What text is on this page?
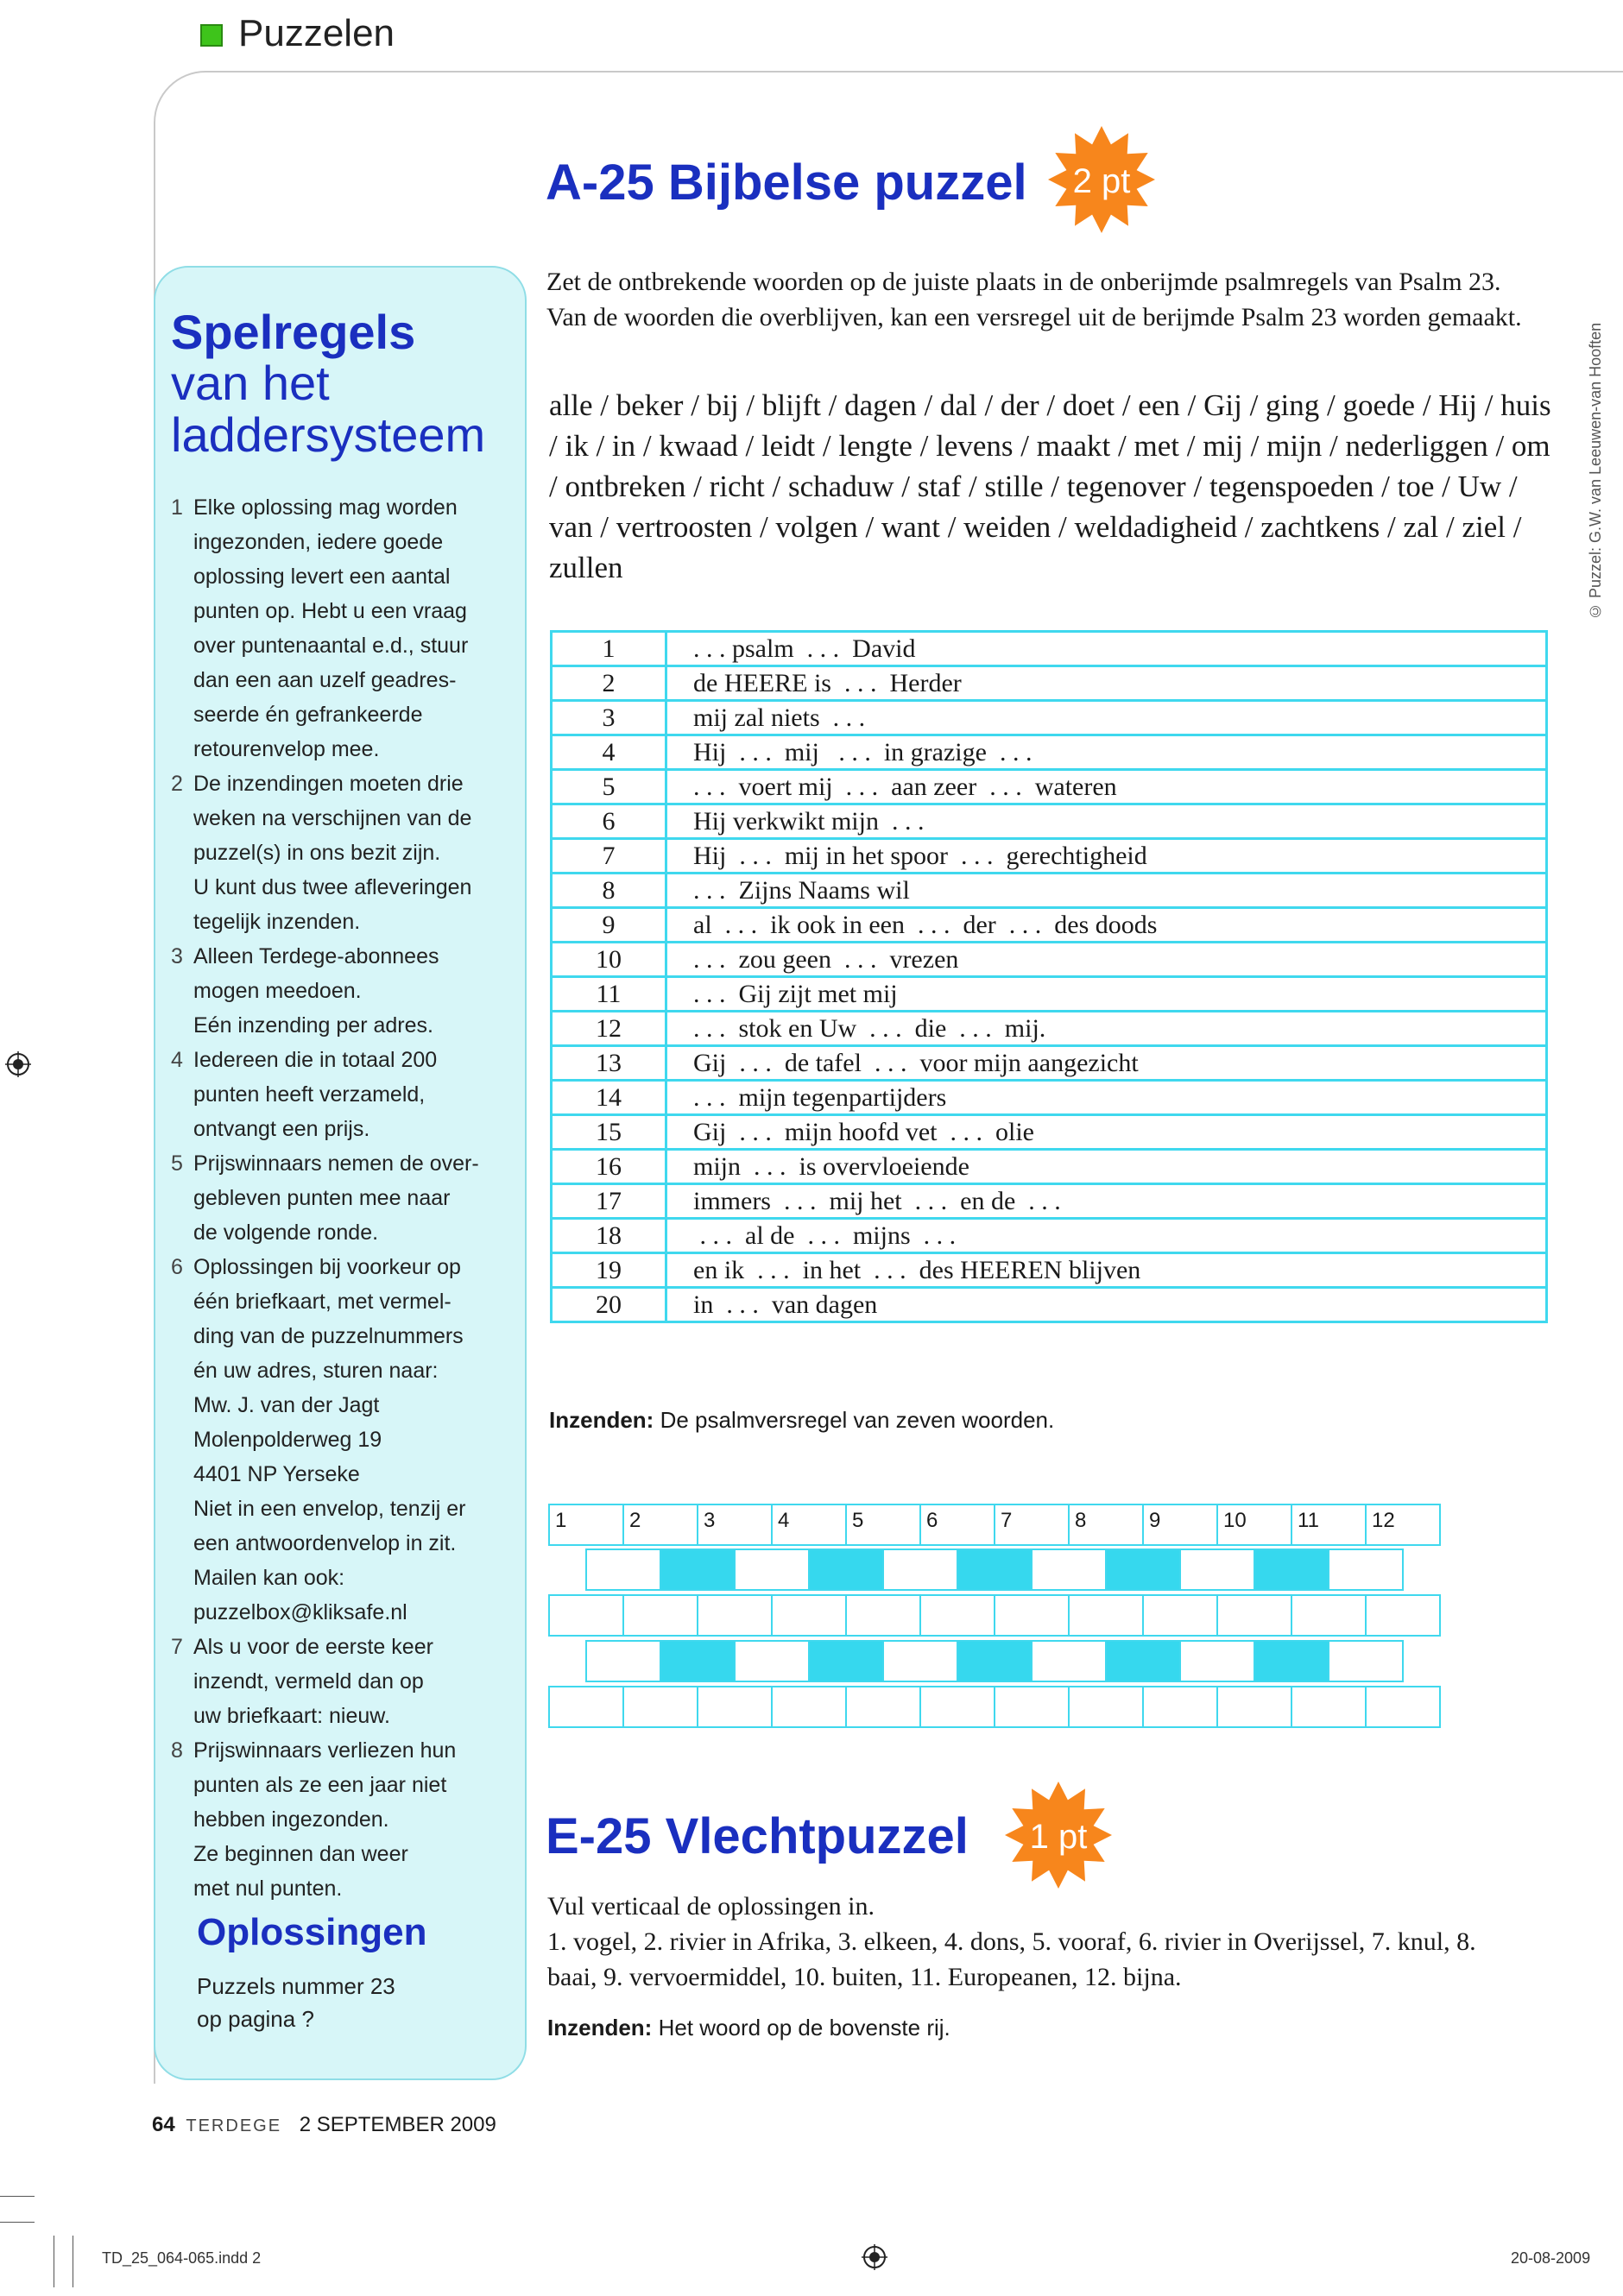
Puzzelen
Spelregels
van het laddersysteem
1 Elke oplossing mag worden
ingezonden, iedere goede
oplossing levert een aantal
punten op. Hebt u een vraag
over puntenaantal e.d., stuur
dan een aan uzelf geadres-
seerde én gefrankeerde
retourenvelop mee.
2 De inzendingen moeten drie
weken na verschijnen van de
puzzel(s) in ons bezit zijn.
U kunt dus twee afleveringen
tegelijk inzenden.
3 Alleen Terdege-abonnees
mogen meedoen.
Eén inzending per adres.
4 Iedereen die in totaal 200
punten heeft verzameld,
ontvangt een prijs.
5 Prijswinnaars nemen de over-
gebleven punten mee naar
de volgende ronde.
6 Oplossingen bij voorkeur op
één briefkaart, met vermel-
ding van de puzzelnummers
én uw adres, sturen naar:
Mw. J. van der Jagt
Molenpolderweg 19
4401 NP Yerseke
Niet in een envelop, tenzij er
een antwoordenvelop in zit.
Mailen kan ook:
puzzelbox@kliksafe.nl
7 Als u voor de eerste keer
inzendt, vermeld dan op
uw briefkaart: nieuw.
8 Prijswinnaars verliezen hun
punten als ze een jaar niet
hebben ingezonden.
Ze beginnen dan weer
met nul punten.
Oplossingen
Puzzels nummer 23
op pagina ?
A-25 Bijbelse puzzel	2 pt
Zet de ontbrekende woorden op de juiste plaats in de onberijmde psalmregels van Psalm 23. Van de woorden die overblijven, kan een versregel uit de berijmde Psalm 23 worden gemaakt.
alle / beker / bij / blijft / dagen / dal / der / doet / een / Gij / ging / goede / Hij / huis / ik / in / kwaad / leidt / lengte / levens / maakt / met / mij / mijn / nederliggen / om / ontbreken / richt / schaduw / staf / stille / tegenover / tegenspoeden / toe / Uw / van / vertroosten / volgen / want / weiden / weldadigheid / zachtkens / zal / ziel / zullen
1	. . . psalm  . . .  David
2	de HEERE is  . . .  Herder
3	mij zal niets  . . .
4	Hij  . . .  mij   . . .  in grazige  . . .
5	. . .  voert mij  . . .  aan zeer  . . .  wateren
6	Hij verkwikt mijn  . . .
7	Hij  . . .  mij in het spoor  . . .  gerechtigheid
8	. . .  Zijns Naams wil
9	al  . . .  ik ook in een  . . .  der  . . .  des doods
10	. . .  zou geen  . . .  vrezen
11	. . .  Gij zijt met mij
12	. . .  stok en Uw  . . .  die  . . .  mij.
13	Gij  . . .  de tafel  . . .  voor mijn aangezicht
14	. . .  mijn tegenpartijders
15	Gij  . . .  mijn hoofd vet  . . .  olie
16	mijn  . . .  is overvloeiende
17	immers  . . .  mij het  . . .  en de  . . .
18	. . .  al de  . . .  mijns  . . .
19	en ik  . . .  in het  . . .  des HEEREN blijven
20	in  . . .  van dagen
Inzenden: De psalmversregel van zeven woorden.
1	2	3	4	5	6	7	8	9	10	11	12
E-25 Vlechtpuzzel	1 pt
Vul verticaal de oplossingen in.
1. vogel, 2. rivier in Afrika, 3. elkeen, 4. dons, 5. vooraf, 6. rivier in Overijssel, 7. knul, 8. baai, 9. vervoermiddel, 10. buiten, 11. Europeanen, 12. bijna.
Inzenden: Het woord op de bovenste rij.
64 TERDEGE 2 SEPTEMBER 2009
© Puzzel: G.W. van Leeuwen-van Hooften
TD_25_064-065.indd 2	20-08-2009
